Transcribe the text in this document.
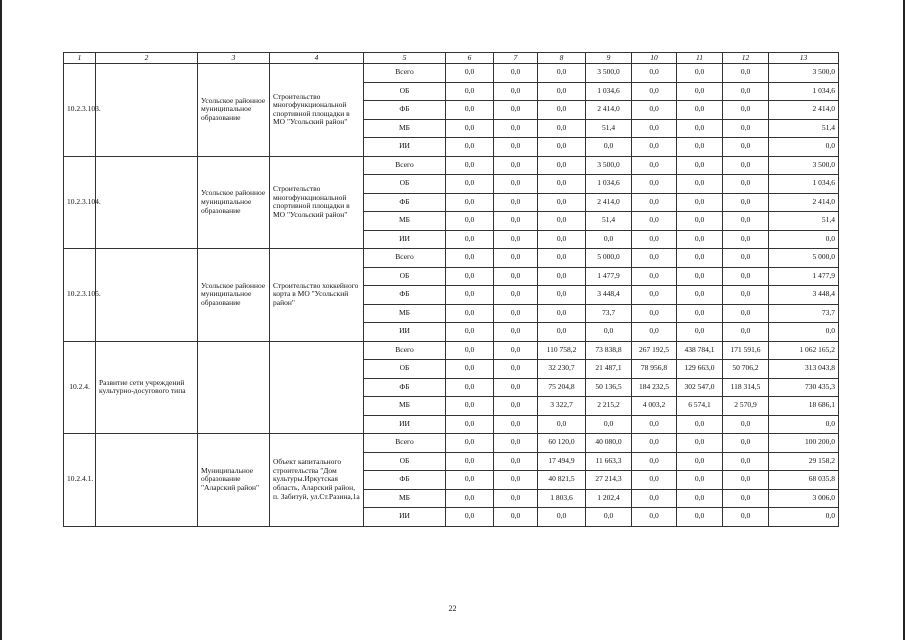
1	2	3	4	5	6	7	8	9	10	11	12	13
10.2.3.103.		Усольское районное муниципальное образование	Строительство многофункциональной спортивной площадки в МО "Усольский район"	Всего	0,0	0,0	0,0	3 500,0	0,0	0,0	0,0	3 500,0
				ОБ	0,0	0,0	0,0	1 034,6	0,0	0,0	0,0	1 034,6
				ФБ	0,0	0,0	0,0	2 414,0	0,0	0,0	0,0	2 414,0
				МБ	0,0	0,0	0,0	51,4	0,0	0,0	0,0	51,4
				ИИ	0,0	0,0	0,0	0,0	0,0	0,0	0,0	0,0
10.2.3.104.		Усольское районное муниципальное образование	Строительство многофункциональной спортивной площадки в МО "Усольский район"	Всего	0,0	0,0	0,0	3 500,0	0,0	0,0	0,0	3 500,0
				ОБ	0,0	0,0	0,0	1 034,6	0,0	0,0	0,0	1 034,6
				ФБ	0,0	0,0	0,0	2 414,0	0,0	0,0	0,0	2 414,0
				МБ	0,0	0,0	0,0	51,4	0,0	0,0	0,0	51,4
				ИИ	0,0	0,0	0,0	0,0	0,0	0,0	0,0	0,0
10.2.3.105.		Усольское районное муниципальное образование	Строительство хоккейного корта в МО "Усольский район"	Всего	0,0	0,0	0,0	5 000,0	0,0	0,0	0,0	5 000,0
				ОБ	0,0	0,0	0,0	1 477,9	0,0	0,0	0,0	1 477,9
				ФБ	0,0	0,0	0,0	3 448,4	0,0	0,0	0,0	3 448,4
				МБ	0,0	0,0	0,0	73,7	0,0	0,0	0,0	73,7
				ИИ	0,0	0,0	0,0	0,0	0,0	0,0	0,0	0,0
10.2.4.	Развитие сети учреждений культурно-досугового типа			Всего	0,0	0,0	110 758,2	73 838,8	267 192,5	438 784,1	171 591,6	1 062 165,2
				ОБ	0,0	0,0	32 230,7	21 487,1	78 956,8	129 663,0	50 706,2	313 043,8
				ФБ	0,0	0,0	75 204,8	50 136,5	184 232,5	302 547,0	118 314,5	730 435,3
				МБ	0,0	0,0	3 322,7	2 215,2	4 003,2	6 574,1	2 570,9	18 686,1
				ИИ	0,0	0,0	0,0	0,0	0,0	0,0	0,0	0,0
10.2.4.1.		Муниципальное образование "Аларский район"	Объект капитального строительства "Дом культуры.Иркутская область, Аларский район, п. Забитуй, ул.Ст.Разина,1а	Всего	0,0	0,0	60 120,0	40 080,0	0,0	0,0	0,0	100 200,0
				ОБ	0,0	0,0	17 494,9	11 663,3	0,0	0,0	0,0	29 158,2
				ФБ	0,0	0,0	40 821,5	27 214,3	0,0	0,0	0,0	68 035,8
				МБ	0,0	0,0	1 803,6	1 202,4	0,0	0,0	0,0	3 006,0
				ИИ	0,0	0,0	0,0	0,0	0,0	0,0	0,0	0,0
22
